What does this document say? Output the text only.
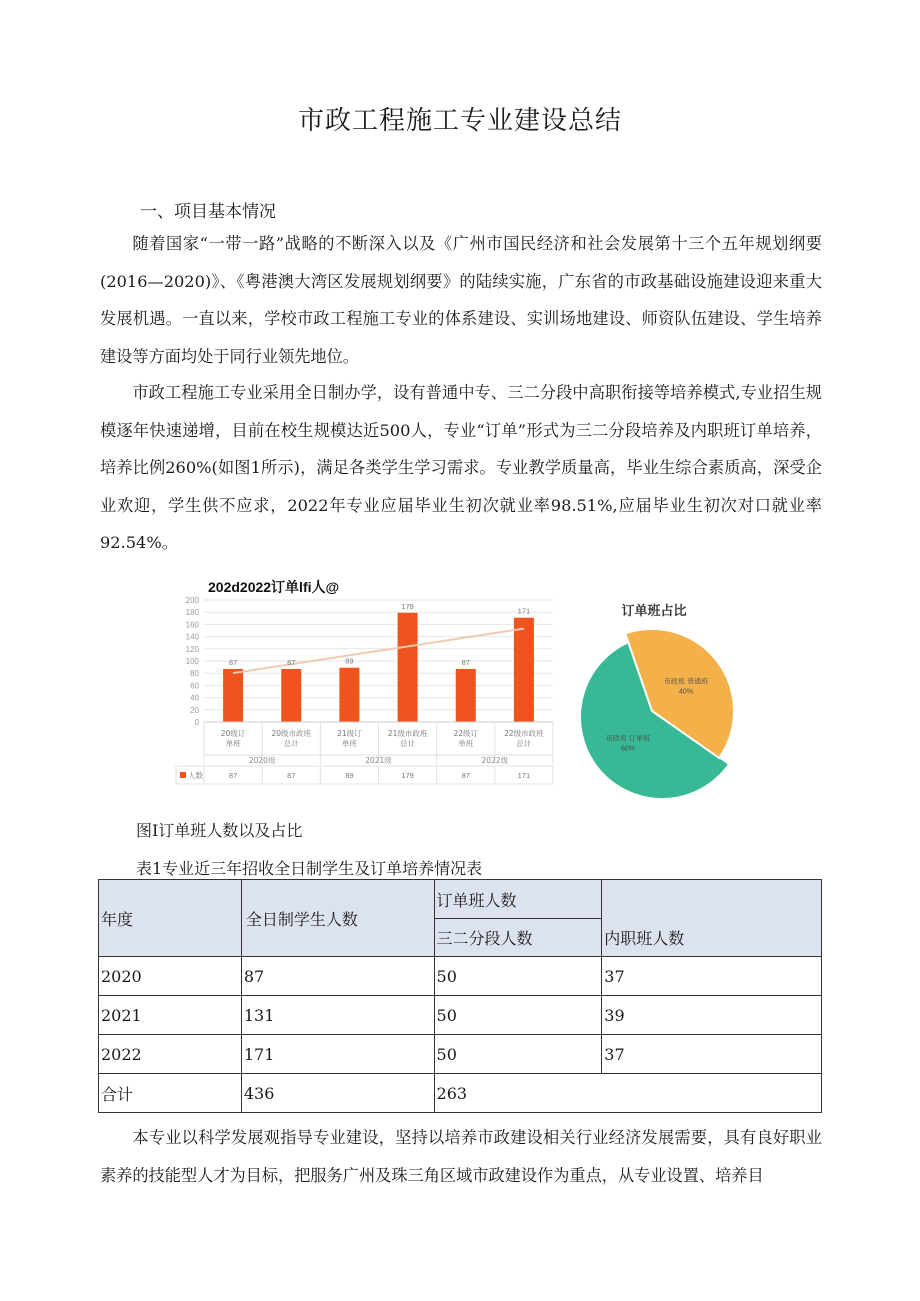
市政工程施工专业建设总结
一、项目基本情况

随着国家“一带一路”战略的不断深入以及《广州市国民经济和社会发展第十三个五年规划纲要(2016—2020)》、《粤港澳大湾区发展规划纲要》的陆续实施，广东省的市政基础设施建设迎来重大发展机遇。一直以来，学校市政工程施工专业的体系建设、实训场地建设、师资队伍建设、学生培养建设等方面均处于同行业领先地位。

市政工程施工专业采用全日制办学，设有普通中专、三二分段中高职衔接等培养模式,专业招生规模逐年快速递增，目前在校生规模达近500人，专业“订单”形式为三二分段培养及内职班订单培养，培养比例260%(如图1所示)，满足各类学生学习需求。专业教学质量高，毕业生综合素质高，深受企业欢迎，学生供不应求，2022年专业应届毕业生初次就业率98.51%,应届毕业生初次对口就业率92.54%。

202d2022订单lfi人@
0
20
40
60
80
100
120
140
160
180
200
87	87	89
179
87
171
20级订单班
20级市政班总计
21级订单班
21级市政班总计
22级订单班
22级市政班总计
2020级	2021级	2022级
人数	87	87	89	179	87	171
订单班占比
市政班 订单班
60%
市政班 普通班
40%
图I订单班人数以及占比
表1专业近三年招收全日制学生及订单培养情况表
年度	全日制学生人数	订单班人数	
		三二分段人数	内职班人数
2020	87	50	37
2021	131	50	39
2022	171	50	37
合计	436	263	

本专业以科学发展观指导专业建设，坚持以培养市政建设相关行业经济发展需要，具有良好职业素养的技能型人才为目标，把服务广州及珠三角区域市政建设作为重点，从专业设置、培养目
